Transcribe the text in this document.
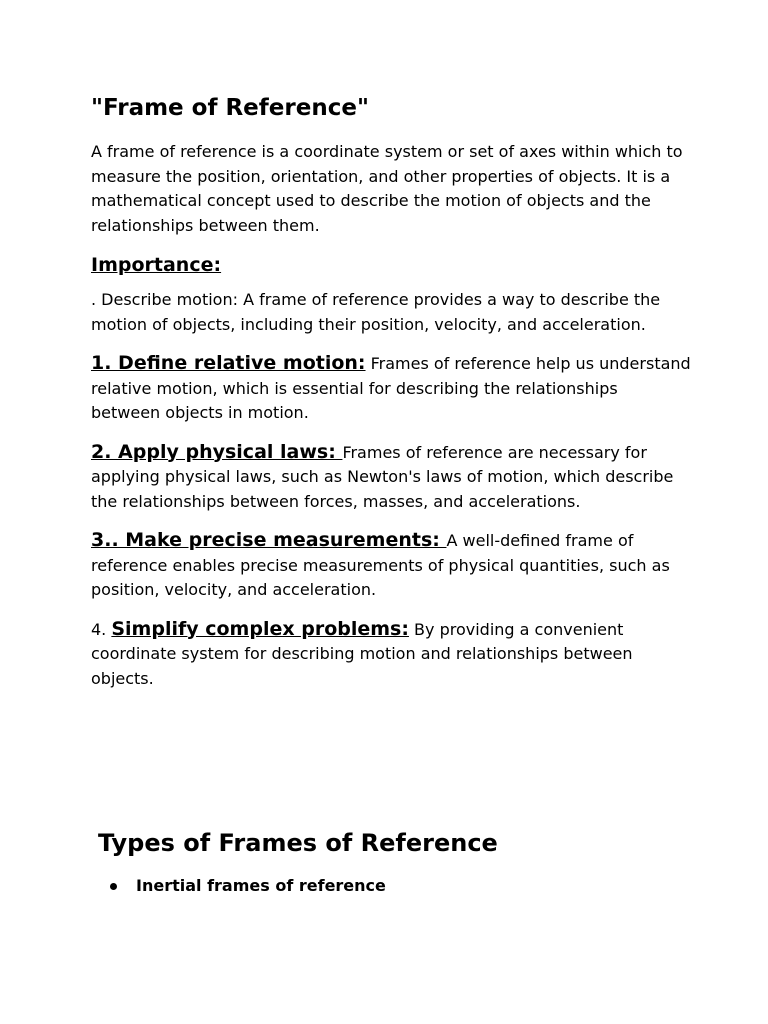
"Frame of Reference"

A frame of reference is a coordinate system or set of axes within which to measure the position, orientation, and other properties of objects. It is a mathematical concept used to describe the motion of objects and the relationships between them.

Importance:

. Describe motion: A frame of reference provides a way to describe the motion of objects, including their position, velocity, and acceleration.

1. Define relative motion: Frames of reference help us understand relative motion, which is essential for describing the relationships between objects in motion.

2. Apply physical laws: Frames of reference are necessary for applying physical laws, such as Newton's laws of motion, which describe the relationships between forces, masses, and accelerations.

3.. Make precise measurements: A well-defined frame of reference enables precise measurements of physical quantities, such as position, velocity, and acceleration.

4. Simplify complex problems: By providing a convenient coordinate system for describing motion and relationships between objects.

Types of Frames of Reference
Inertial frames of reference
